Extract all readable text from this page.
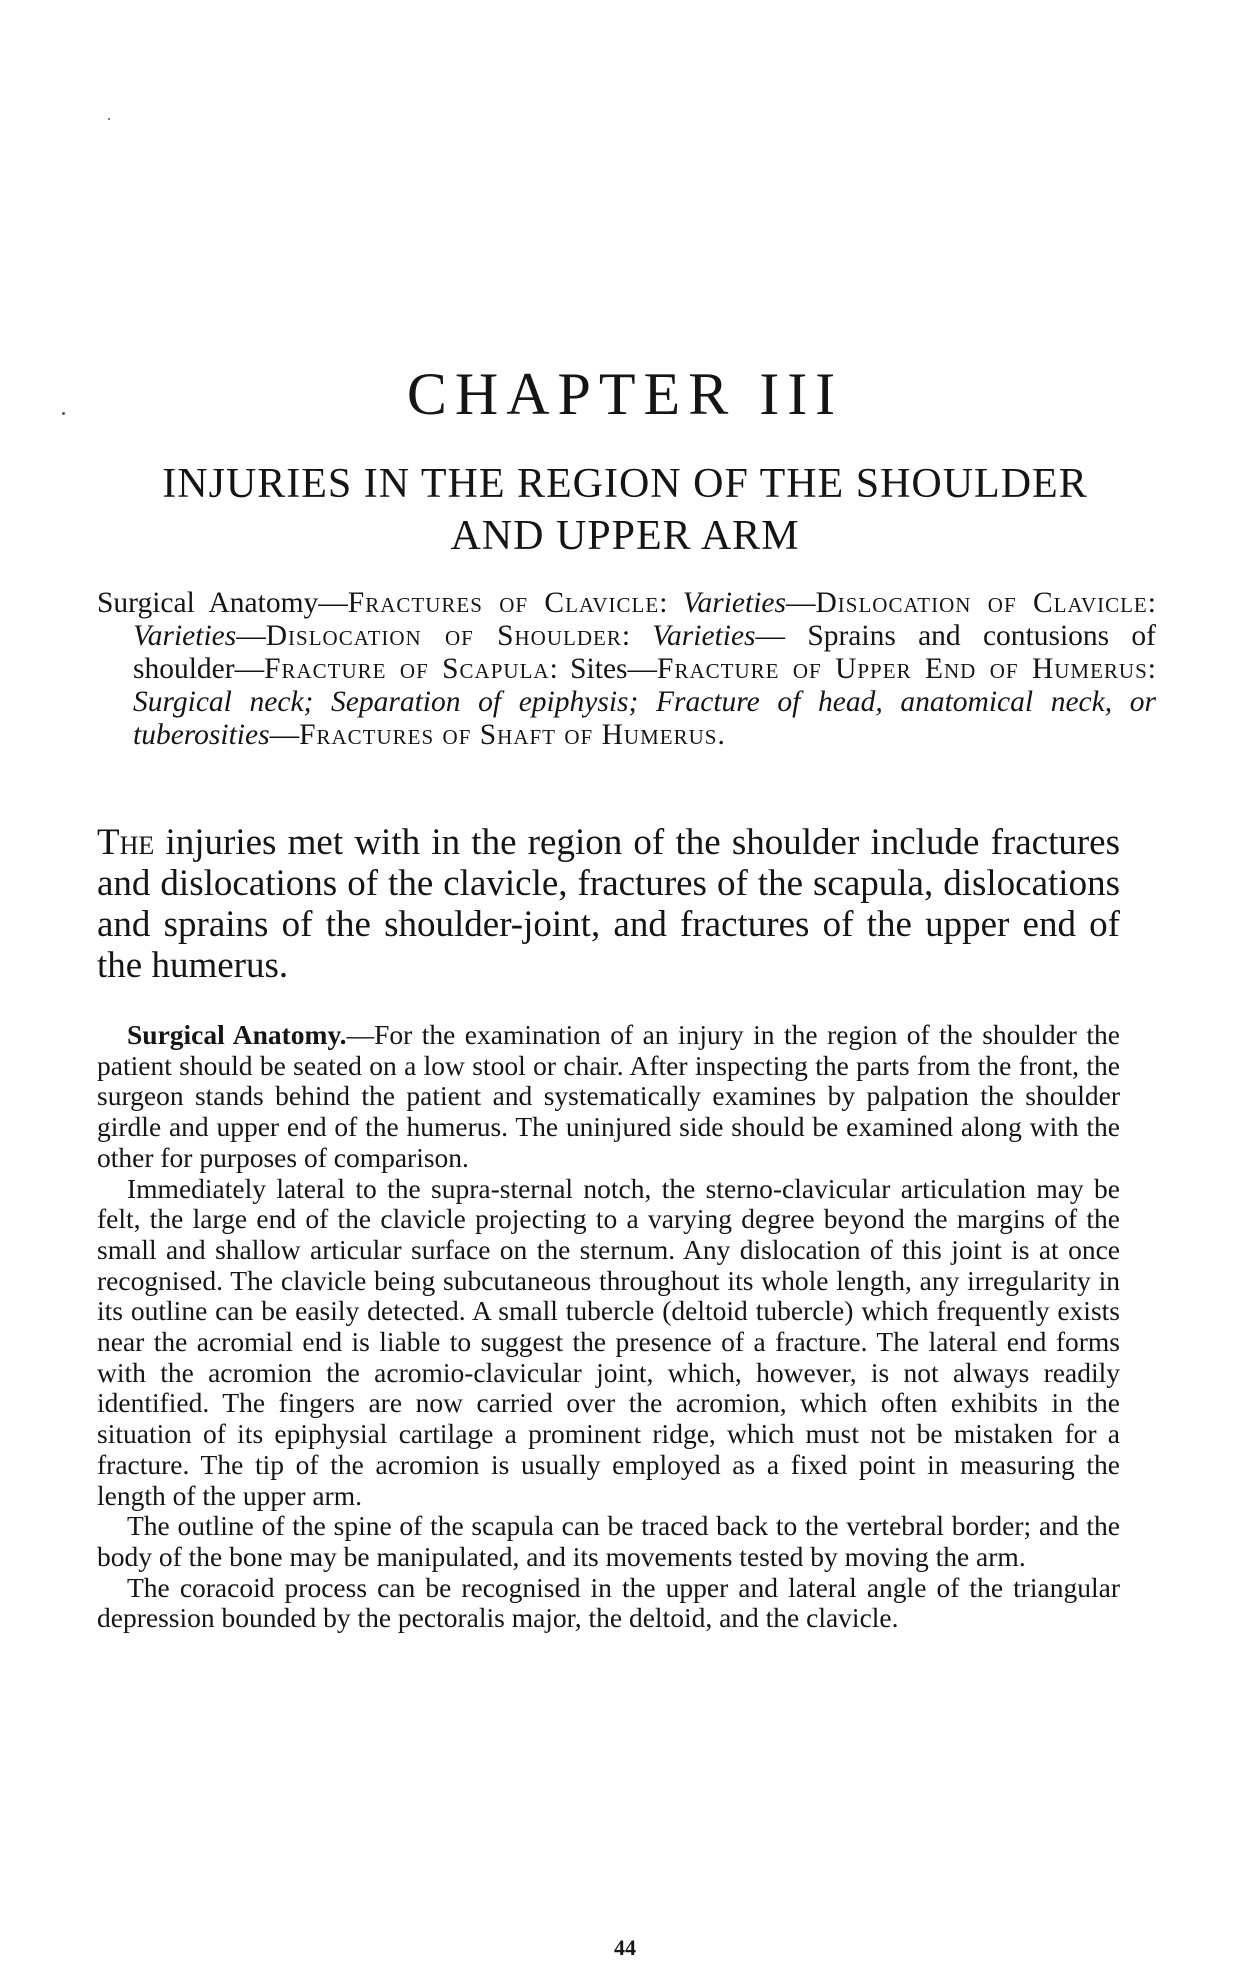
CHAPTER III
INJURIES IN THE REGION OF THE SHOULDER
AND UPPER ARM

Surgical Anatomy—Fractures of Clavicle: Varieties—Dislocation of Clavicle: Varieties—Dislocation of Shoulder: Varieties— Sprains and contusions of shoulder—Fracture of Scapula: Sites—Fracture of Upper End of Humerus: Surgical neck; Separation of epiphysis; Fracture of head, anatomical neck, or tuberosities—Fractures of Shaft of Humerus.

The injuries met with in the region of the shoulder include fractures and dislocations of the clavicle, fractures of the scapula, dislocations and sprains of the shoulder-joint, and fractures of the upper end of the humerus.

Surgical Anatomy.—For the examination of an injury in the region of the shoulder the patient should be seated on a low stool or chair. After inspecting the parts from the front, the surgeon stands behind the patient and systematically examines by palpation the shoulder girdle and upper end of the humerus. The uninjured side should be examined along with the other for purposes of comparison.

Immediately lateral to the supra-sternal notch, the sterno-clavicular articulation may be felt, the large end of the clavicle projecting to a varying degree beyond the margins of the small and shallow articular surface on the sternum. Any dislocation of this joint is at once recognised. The clavicle being subcutaneous throughout its whole length, any irregularity in its outline can be easily detected. A small tubercle (deltoid tubercle) which frequently exists near the acromial end is liable to suggest the presence of a fracture. The lateral end forms with the acromion the acromio-clavicular joint, which, however, is not always readily identified. The fingers are now carried over the acromion, which often exhibits in the situation of its epiphysial cartilage a prominent ridge, which must not be mistaken for a fracture. The tip of the acromion is usually employed as a fixed point in measuring the length of the upper arm.

The outline of the spine of the scapula can be traced back to the vertebral border; and the body of the bone may be manipulated, and its movements tested by moving the arm.

The coracoid process can be recognised in the upper and lateral angle of the triangular depression bounded by the pectoralis major, the deltoid, and the clavicle.

44
